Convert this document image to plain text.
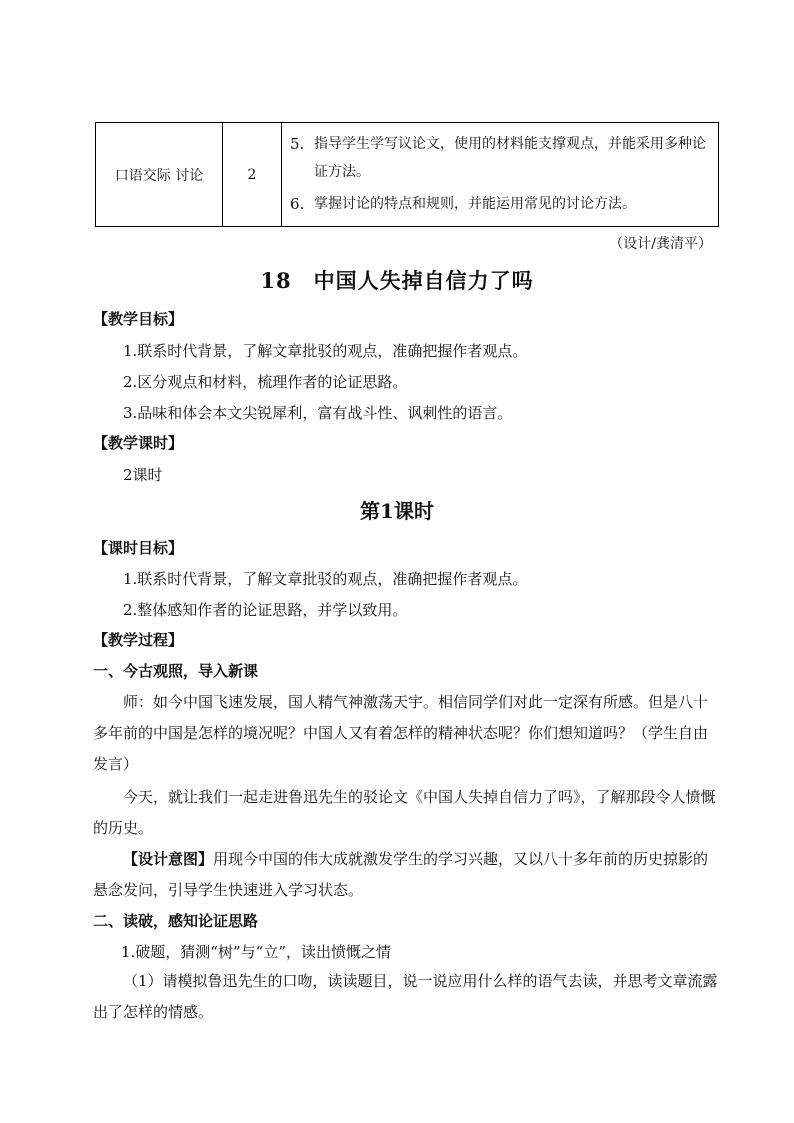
口语交际 讨论	2	
5. 指导学生学写议论文，使用的材料能支撑观点，并能采用多种论证方法。
6. 掌握讨论的特点和规则，并能运用常见的讨论方法。
（设计/龚清平）
18　中国人失掉自信力了吗
【教学目标】
1.联系时代背景，了解文章批驳的观点，准确把握作者观点。
2.区分观点和材料，梳理作者的论证思路。
3.品味和体会本文尖锐犀利，富有战斗性、讽刺性的语言。
【教学课时】
2课时
第1课时
【课时目标】
1.联系时代背景，了解文章批驳的观点，准确把握作者观点。
2.整体感知作者的论证思路，并学以致用。
【教学过程】
一、今古观照，导入新课
师：如今中国飞速发展，国人精气神激荡天宇。相信同学们对此一定深有所感。但是八十多年前的中国是怎样的境况呢？中国人又有着怎样的精神状态呢？你们想知道吗？（学生自由发言）
今天，就让我们一起走进鲁迅先生的驳论文《中国人失掉自信力了吗》，了解那段令人愤慨的历史。
【设计意图】用现今中国的伟大成就激发学生的学习兴趣，又以八十多年前的历史掠影的悬念发问，引导学生快速进入学习状态。
二、读破，感知论证思路
1.破题，猜测“树”与“立”，读出愤慨之情
（1）请模拟鲁迅先生的口吻，读读题目，说一说应用什么样的语气去读，并思考文章流露出了怎样的情感。
